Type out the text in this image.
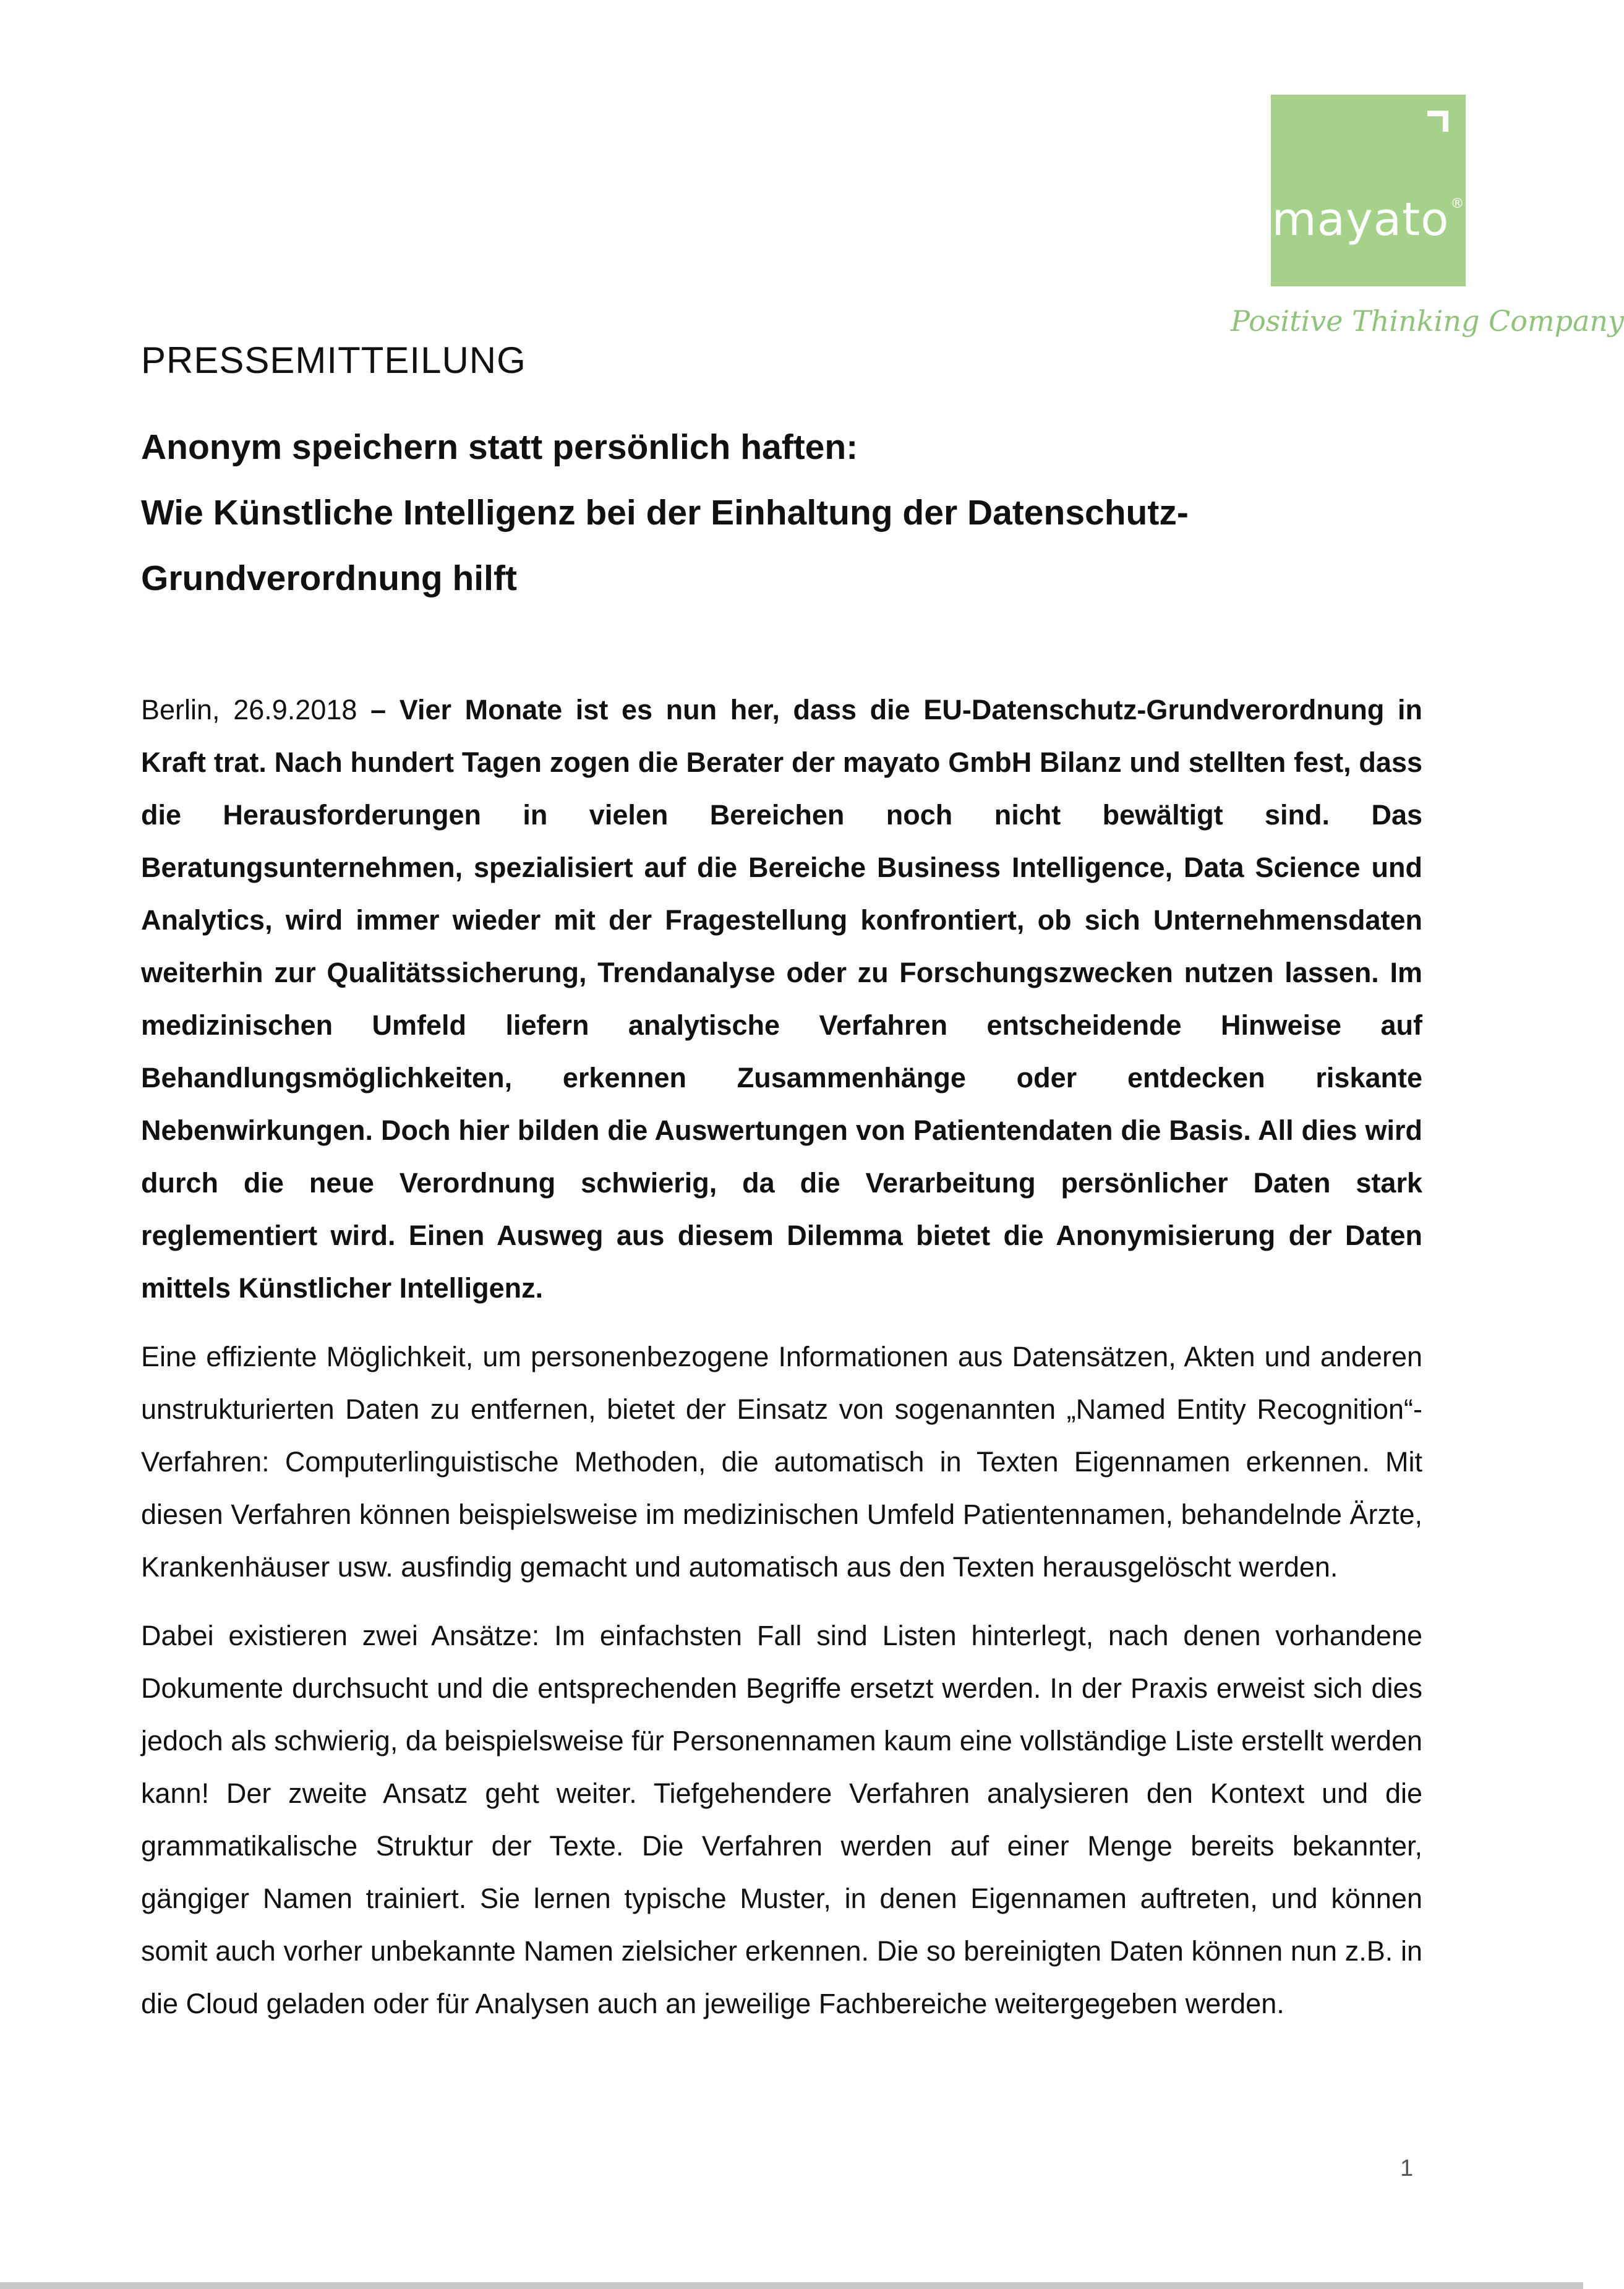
mayato®
Positive Thinking Company
PRESSEMITTEILUNG
Anonym speichern statt persönlich haften:
Wie Künstliche Intelligenz bei der Einhaltung der Datenschutz-
Grundverordnung hilft

Berlin, 26.9.2018 – Vier Monate ist es nun her, dass die EU-Datenschutz-Grundverordnung in Kraft trat. Nach hundert Tagen zogen die Berater der mayato GmbH Bilanz und stellten fest, dass die Herausforderungen in vielen Bereichen noch nicht bewältigt sind. Das Beratungsunternehmen, spezialisiert auf die Bereiche Business Intelligence, Data Science und Analytics, wird immer wieder mit der Fragestellung konfrontiert, ob sich Unternehmensdaten weiterhin zur Qualitätssicherung, Trendanalyse oder zu Forschungszwecken nutzen lassen. Im medizinischen Umfeld liefern analytische Verfahren entscheidende Hinweise auf Behandlungsmöglichkeiten, erkennen Zusammenhänge oder entdecken riskante Nebenwirkungen. Doch hier bilden die Auswertungen von Patientendaten die Basis. All dies wird durch die neue Verordnung schwierig, da die Verarbeitung persönlicher Daten stark reglementiert wird. Einen Ausweg aus diesem Dilemma bietet die Anonymisierung der Daten mittels Künstlicher Intelligenz.

Eine effiziente Möglichkeit, um personenbezogene Informationen aus Datensätzen, Akten und anderen unstrukturierten Daten zu entfernen, bietet der Einsatz von sogenannten „Named Entity Recognition“-Verfahren: Computerlinguistische Methoden, die automatisch in Texten Eigennamen erkennen. Mit diesen Verfahren können beispielsweise im medizinischen Umfeld Patientennamen, behandelnde Ärzte, Krankenhäuser usw. ausfindig gemacht und automatisch aus den Texten herausgelöscht werden.

Dabei existieren zwei Ansätze: Im einfachsten Fall sind Listen hinterlegt, nach denen vorhandene Dokumente durchsucht und die entsprechenden Begriffe ersetzt werden. In der Praxis erweist sich dies jedoch als schwierig, da beispielsweise für Personennamen kaum eine vollständige Liste erstellt werden kann! Der zweite Ansatz geht weiter. Tiefgehendere Verfahren analysieren den Kontext und die grammatikalische Struktur der Texte. Die Verfahren werden auf einer Menge bereits bekannter, gängiger Namen trainiert. Sie lernen typische Muster, in denen Eigennamen auftreten, und können somit auch vorher unbekannte Namen zielsicher erkennen. Die so bereinigten Daten können nun z.B. in die Cloud geladen oder für Analysen auch an jeweilige Fachbereiche weitergegeben werden.

1
